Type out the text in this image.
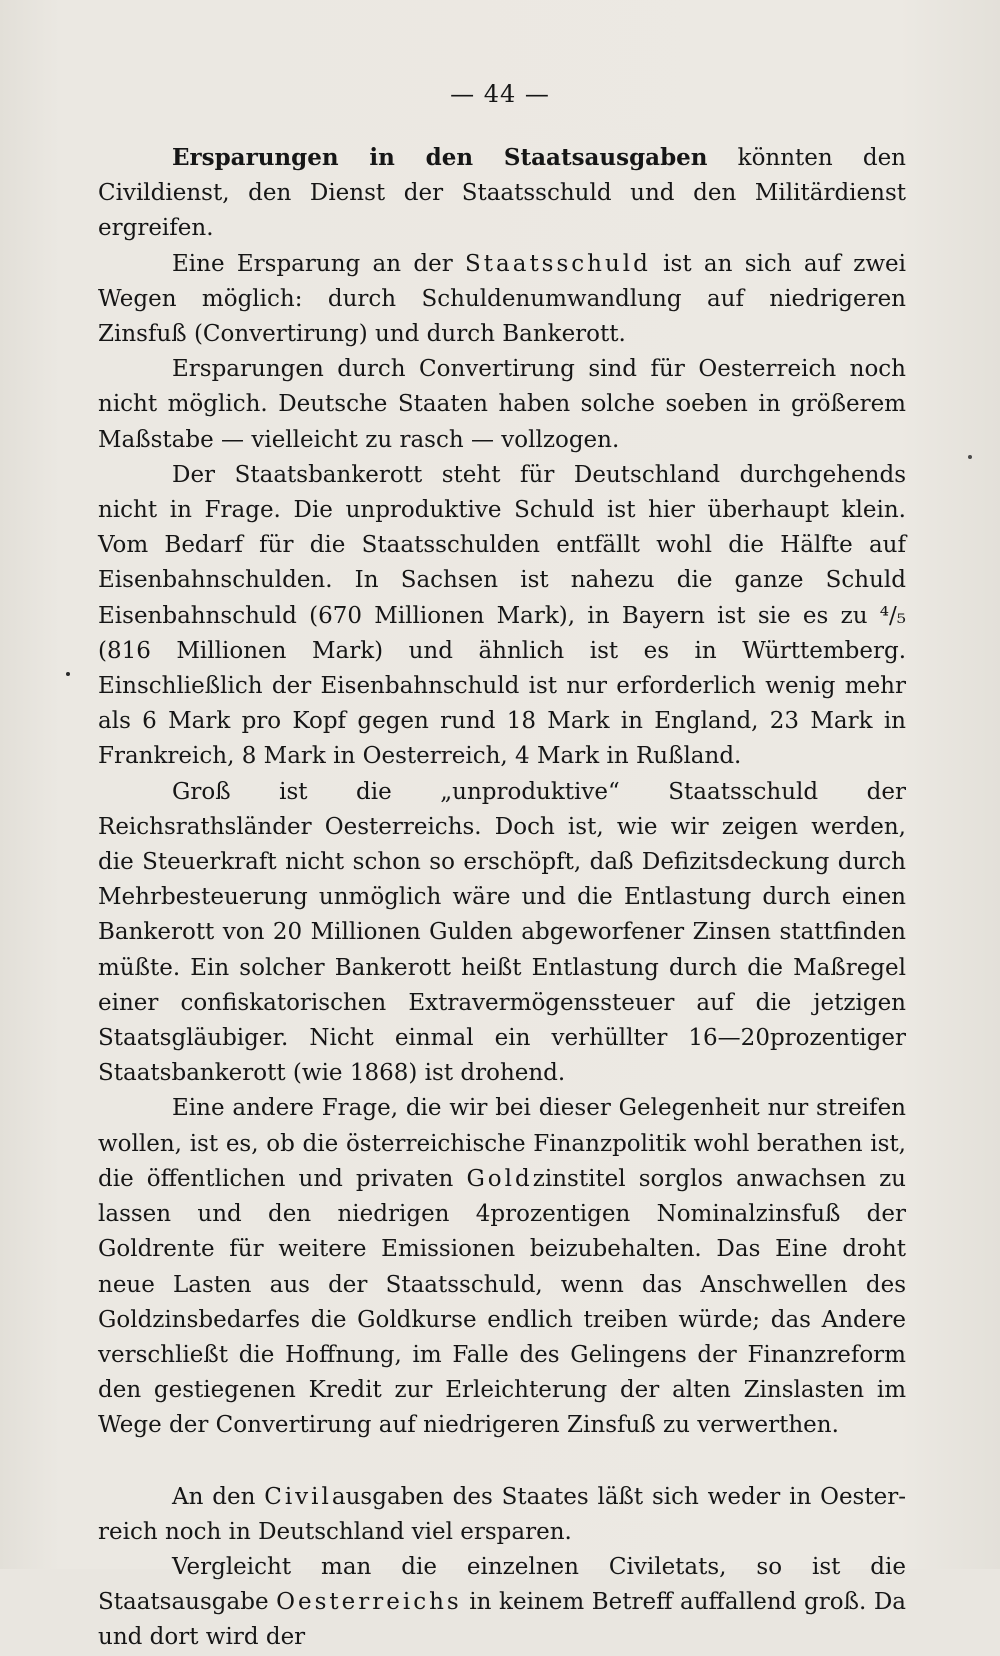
— 44 —

Ersparungen in den Staatsausgaben könnten den Civildienst, den Dienst der Staatsschuld und den Militärdienst ergreifen.

Eine Ersparung an der Staatsschuld ist an sich auf zwei Wegen möglich: durch Schuldenumwandlung auf niedrigeren Zinsfuß (Convertirung) und durch Bankerott.

Ersparungen durch Convertirung sind für Oesterreich noch nicht möglich. Deutsche Staaten haben solche soeben in größerem Maßstabe — vielleicht zu rasch — vollzogen.

Der Staatsbankerott steht für Deutschland durchgehends nicht in Frage. Die unproduktive Schuld ist hier überhaupt klein. Vom Bedarf für die Staatsschulden entfällt wohl die Hälfte auf Eisenbahnschulden. In Sachsen ist nahezu die ganze Schuld Eisenbahnschuld (670 Millionen Mark), in Bayern ist sie es zu ⁴/₅ (816 Millionen Mark) und ähnlich ist es in Württemberg. Einschließlich der Eisenbahnschuld ist nur erforderlich wenig mehr als 6 Mark pro Kopf gegen rund 18 Mark in England, 23 Mark in Frankreich, 8 Mark in Oesterreich, 4 Mark in Rußland.

Groß ist die „unproduktive“ Staatsschuld der Reichsrathsländer Oesterreichs. Doch ist, wie wir zeigen werden, die Steuerkraft nicht schon so erschöpft, daß Defizitsdeckung durch Mehrbesteuerung unmöglich wäre und die Entlastung durch einen Bankerott von 20 Millionen Gulden abgeworfener Zinsen stattfinden müßte. Ein solcher Bankerott heißt Entlastung durch die Maßregel einer confiskatorischen Extravermögenssteuer auf die jetzigen Staatsgläubiger. Nicht einmal ein verhüllter 16—20prozentiger Staatsbankerott (wie 1868) ist drohend.

Eine andere Frage, die wir bei dieser Gelegenheit nur streifen wollen, ist es, ob die österreichische Finanzpolitik wohl berathen ist, die öffentlichen und privaten Goldzinstitel sorglos anwachsen zu lassen und den niedrigen 4prozentigen Nominalzinsfuß der Goldrente für weitere Emissionen beizubehalten. Das Eine droht neue Lasten aus der Staatsschuld, wenn das Anschwellen des Goldzinsbedarfes die Goldkurse endlich treiben würde; das Andere verschließt die Hoffnung, im Falle des Gelingens der Finanzreform den gestiegenen Kredit zur Erleichterung der alten Zinslasten im Wege der Convertirung auf niedrigeren Zinsfuß zu verwerthen.

An den Civilausgaben des Staates läßt sich weder in Oesterreich noch in Deutschland viel ersparen.

Vergleicht man die einzelnen Civiletats, so ist die Staatsausgabe Oesterreichs in keinem Betreff auffallend groß. Da und dort wird der
